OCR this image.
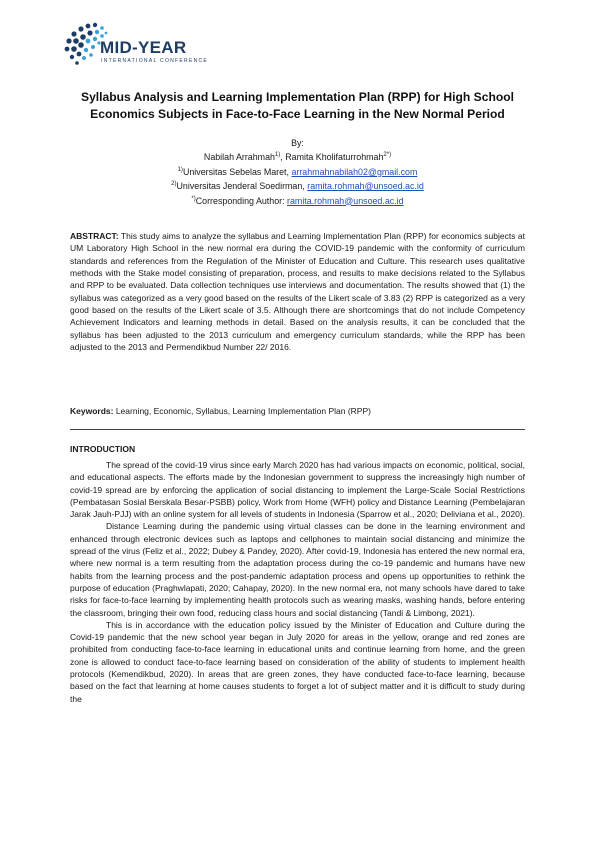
MID-YEAR
INTERNATIONAL CONFERENCE
Syllabus Analysis and Learning Implementation Plan (RPP) for High School Economics Subjects in Face-to-Face Learning in the New Normal Period
By:
Nabilah Arrahmah$^{1)}$, Ramita Kholifaturrohmah$^{2*)}$
$^{1)}$Universitas Sebelas Maret, arrahmahnabilah02@gmail.com
$^{2)}$Universitas Jenderal Soedirman, ramita.rohmah@unsoed.ac.id
*)Corresponding Author: ramita.rohmah@unsoed.ac.id
ABSTRACT: This study aims to analyze the syllabus and Learning Implementation Plan (RPP) for economics subjects at UM Laboratory High School in the new normal era during the COVID-19 pandemic with the conformity of curriculum standards and references from the Regulation of the Minister of Education and Culture. This research uses qualitative methods with the Stake model consisting of preparation, process, and results to make decisions related to the Syllabus and RPP to be evaluated. Data collection techniques use interviews and documentation. The results showed that (1) the syllabus was categorized as a very good based on the results of the Likert scale of 3.83 (2) RPP is categorized as a very good based on the results of the Likert scale of 3.5. Although there are shortcomings that do not include Competency Achievement Indicators and learning methods in detail. Based on the analysis results, it can be concluded that the syllabus has been adjusted to the 2013 curriculum and emergency curriculum standards, while the RPP has been adjusted to the 2013 and Permendikbud Number 22/ 2016.
Keywords: Learning, Economic, Syllabus, Learning Implementation Plan (RPP)
INTRODUCTION

The spread of the covid-19 virus since early March 2020 has had various impacts on economic, political, social, and educational aspects. The efforts made by the Indonesian government to suppress the increasingly high number of covid-19 spread are by enforcing the application of social distancing to implement the Large-Scale Social Restrictions (Pembatasan Sosial Berskala Besar-PSBB) policy, Work from Home (WFH) policy and Distance Learning (Pembelajaran Jarak Jauh-PJJ) with an online system for all levels of students in Indonesia (Sparrow et al., 2020; Deliviana et al., 2020).

Distance Learning during the pandemic using virtual classes can be done in the learning environment and enhanced through electronic devices such as laptops and cellphones to maintain social distancing and minimize the spread of the virus (Feliz et al., 2022; Dubey & Pandey, 2020). After covid-19, Indonesia has entered the new normal era, where new normal is a term resulting from the adaptation process during the co-19 pandemic and humans have new habits from the learning process and the post-pandemic adaptation process and opens up opportunities to rethink the purpose of education (Praghwlapati, 2020; Cahapay, 2020). In the new normal era, not many schools have dared to take risks for face-to-face learning by implementing health protocols such as wearing masks, washing hands, before entering the classroom, bringing their own food, reducing class hours and social distancing (Tandi & Limbong, 2021).

This is in accordance with the education policy issued by the Minister of Education and Culture during the Covid-19 pandemic that the new school year began in July 2020 for areas in the yellow, orange and red zones are prohibited from conducting face-to-face learning in educational units and continue learning from home, and the green zone is allowed to conduct face-to-face learning based on consideration of the ability of students to implement health protocols (Kemendikbud, 2020). In areas that are green zones, they have conducted face-to-face learning, because based on the fact that learning at home causes students to forget a lot of subject matter and it is difficult to study during the
